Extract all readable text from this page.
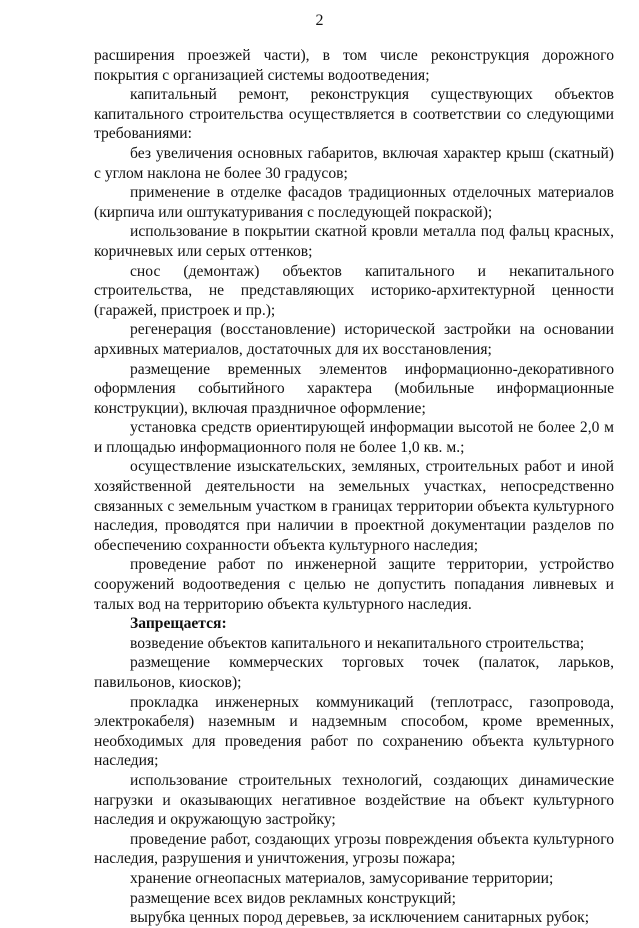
2

расширения проезжей части), в том числе реконструкция дорожного покрытия с организацией системы водоотведения;

капитальный ремонт, реконструкция существующих объектов капитального строительства осуществляется в соответствии со следующими требованиями:

без увеличения основных габаритов, включая характер крыш (скатный) с углом наклона не более 30 градусов;

применение в отделке фасадов традиционных отделочных материалов (кирпича или оштукатуривания с последующей покраской);

использование в покрытии скатной кровли металла под фальц красных, коричневых или серых оттенков;

снос (демонтаж) объектов капитального и некапитального строительства, не представляющих историко-архитектурной ценности (гаражей, пристроек и пр.);

регенерация (восстановление) исторической застройки на основании архивных материалов, достаточных для их восстановления;

размещение временных элементов информационно-декоративного оформления событийного характера (мобильные информационные конструкции), включая праздничное оформление;

установка средств ориентирующей информации высотой не более 2,0 м и площадью информационного поля не более 1,0 кв. м.;

осуществление изыскательских, земляных, строительных работ и иной хозяйственной деятельности на земельных участках, непосредственно связанных с земельным участком в границах территории объекта культурного наследия, проводятся при наличии в проектной документации разделов по обеспечению сохранности объекта культурного наследия;

проведение работ по инженерной защите территории, устройство сооружений водоотведения с целью не допустить попадания ливневых и талых вод на территорию объекта культурного наследия.

Запрещается:

возведение объектов капитального и некапитального строительства;

размещение коммерческих торговых точек (палаток, ларьков, павильонов, киосков);

прокладка инженерных коммуникаций (теплотрасс, газопровода, электрокабеля) наземным и надземным способом, кроме временных, необходимых для проведения работ по сохранению объекта культурного наследия;

использование строительных технологий, создающих динамические нагрузки и оказывающих негативное воздействие на объект культурного наследия и окружающую застройку;

проведение работ, создающих угрозы повреждения объекта культурного наследия, разрушения и уничтожения, угрозы пожара;

хранение огнеопасных материалов, замусоривание территории;

размещение всех видов рекламных конструкций;

вырубка ценных пород деревьев, за исключением санитарных рубок;
